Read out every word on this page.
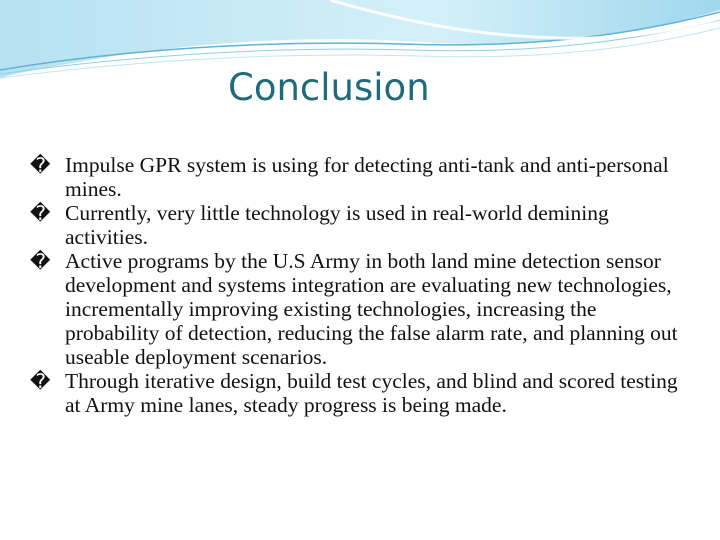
Conclusion
� Impulse GPR system is using for detecting anti-tank and anti-personal mines.
� Currently, very little technology is used in real-world demining activities.
� Active programs by the U.S Army in both land mine detection sensor development and systems integration are evaluating new technologies, incrementally improving existing technologies, increasing the probability of detection, reducing the false alarm rate, and planning out useable deployment scenarios.
� Through iterative design, build test cycles, and blind and scored testing at Army mine lanes, steady progress is being made.
